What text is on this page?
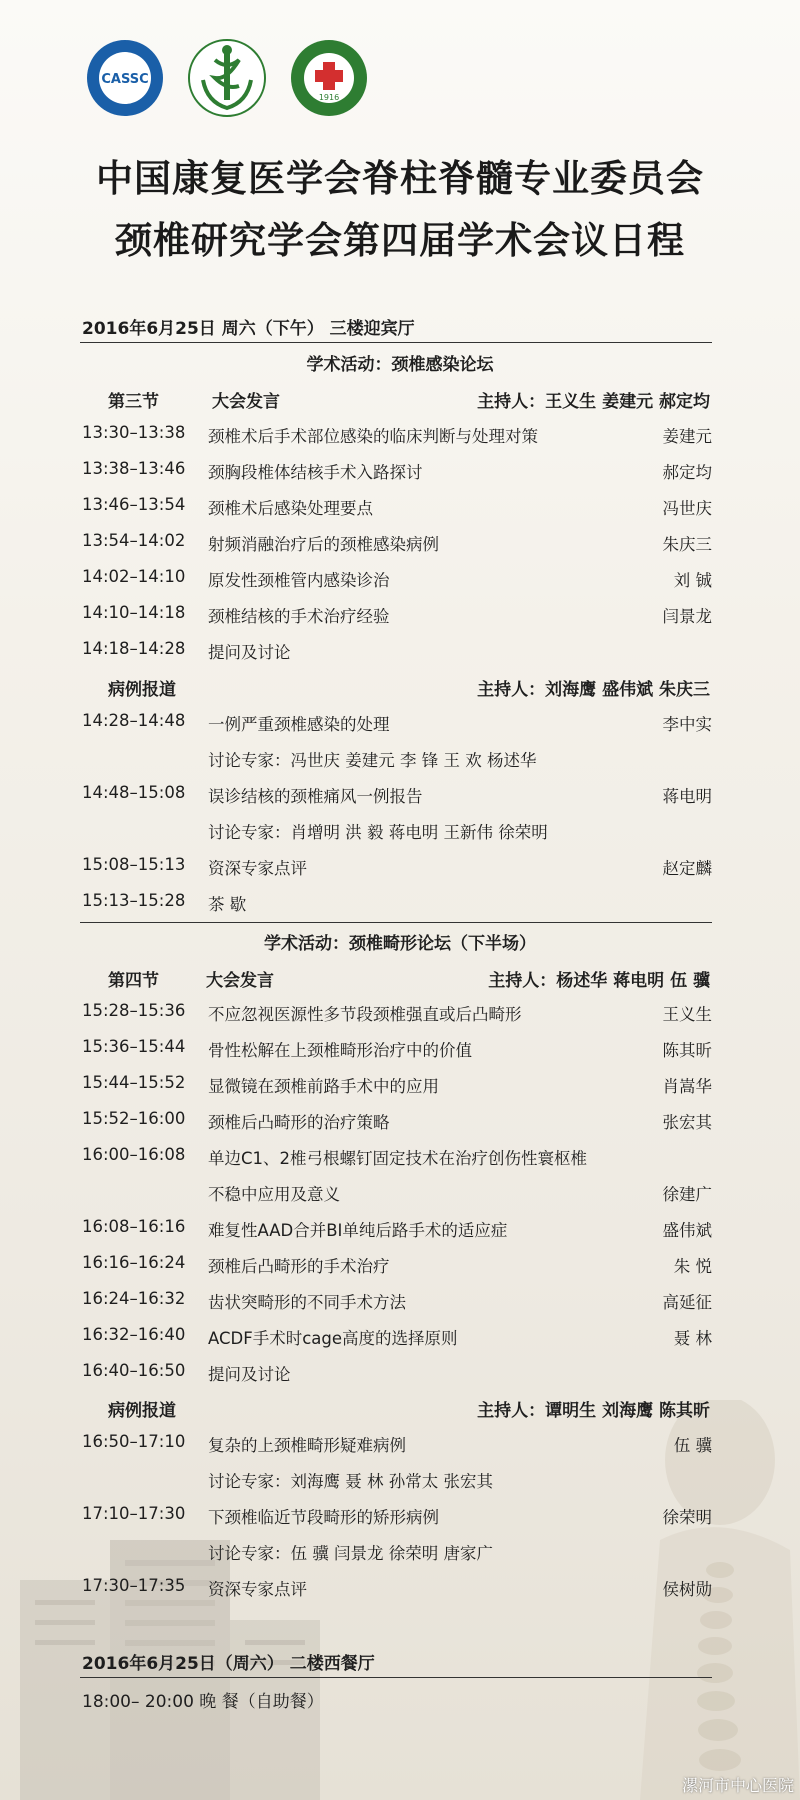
CASSC
1916
中国康复医学会脊柱脊髓专业委员会
颈椎研究学会第四届学术会议日程
2016年6月25日 周六（下午） 三楼迎宾厅
学术活动：颈椎感染论坛
第三节	大会发言	主持人：王义生 姜建元 郝定均
13:30–13:38 颈椎术后手术部位感染的临床判断与处理对策	姜建元
13:38–13:46 颈胸段椎体结核手术入路探讨	郝定均
13:46–13:54 颈椎术后感染处理要点	冯世庆
13:54–14:02 射频消融治疗后的颈椎感染病例	朱庆三
14:02–14:10 原发性颈椎管内感染诊治	刘 铖
14:10–14:18 颈椎结核的手术治疗经验	闫景龙
14:18–14:28 提问及讨论
病例报道	主持人：刘海鹰 盛伟斌 朱庆三
14:28–14:48 一例严重颈椎感染的处理	李中实
讨论专家：冯世庆 姜建元 李 锋 王 欢 杨述华
14:48–15:08 误诊结核的颈椎痛风一例报告	蒋电明
讨论专家：肖增明 洪 毅 蒋电明 王新伟 徐荣明
15:08–15:13 资深专家点评	赵定麟
15:13–15:28 茶 歇
学术活动：颈椎畸形论坛（下半场）
第四节	大会发言	主持人：杨述华 蒋电明 伍 骥
15:28–15:36 不应忽视医源性多节段颈椎强直或后凸畸形	王义生
15:36–15:44 骨性松解在上颈椎畸形治疗中的价值	陈其昕
15:44–15:52 显微镜在颈椎前路手术中的应用	肖嵩华
15:52–16:00 颈椎后凸畸形的治疗策略	张宏其
16:00–16:08 单边C1、2椎弓根螺钉固定技术在治疗创伤性寰枢椎
不稳中应用及意义	徐建广
16:08–16:16 难复性AAD合并BI单纯后路手术的适应症	盛伟斌
16:16–16:24 颈椎后凸畸形的手术治疗	朱 悦
16:24–16:32 齿状突畸形的不同手术方法	高延征
16:32–16:40 ACDF手术时cage高度的选择原则	聂 林
16:40–16:50 提问及讨论
病例报道	主持人：谭明生 刘海鹰 陈其昕
16:50–17:10 复杂的上颈椎畸形疑难病例	伍 骥
讨论专家：刘海鹰 聂 林 孙常太 张宏其
17:10–17:30 下颈椎临近节段畸形的矫形病例	徐荣明
讨论专家：伍 骥 闫景龙 徐荣明 唐家广
17:30–17:35 资深专家点评	侯树勋
2016年6月25日（周六） 二楼西餐厅
18:00– 20:00 晚 餐（自助餐）
漯河市中心医院
